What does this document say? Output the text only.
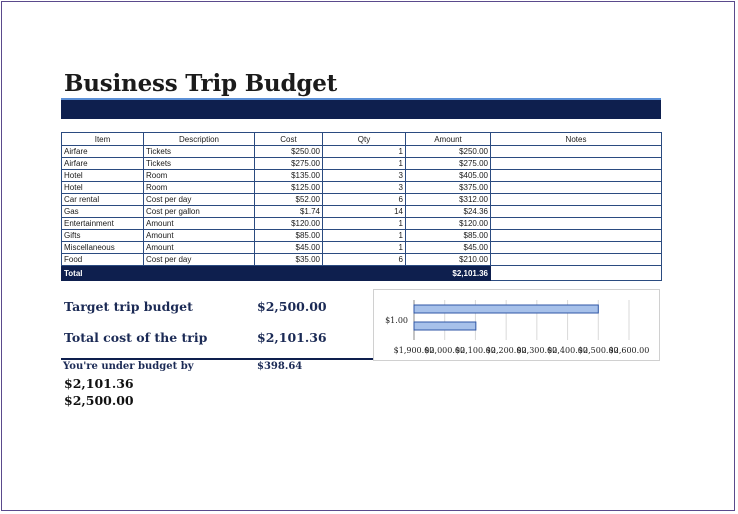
Business Trip Budget
Item	Description	Cost	Qty	Amount	Notes
Airfare	Tickets	$250.00	1	$250.00	
Airfare	Tickets	$275.00	1	$275.00	
Hotel	Room	$135.00	3	$405.00	
Hotel	Room	$125.00	3	$375.00	
Car rental	Cost per day	$52.00	6	$312.00	
Gas	Cost per gallon	$1.74	14	$24.36	
Entertainment	Amount	$120.00	1	$120.00	
Gifts	Amount	$85.00	1	$85.00	
Miscellaneous	Amount	$45.00	1	$45.00	
Food	Cost per day	$35.00	6	$210.00	
Total				$2,101.36	
Target trip budget	$2,500.00
Total cost of the trip	$2,101.36
You're under budget by	$398.64
$2,101.36
$2,500.00
$1.00
$1,900.00
$2,000.00
$2,100.00
$2,200.00
$2,300.00
$2,400.00
$2,500.00
$2,600.00
